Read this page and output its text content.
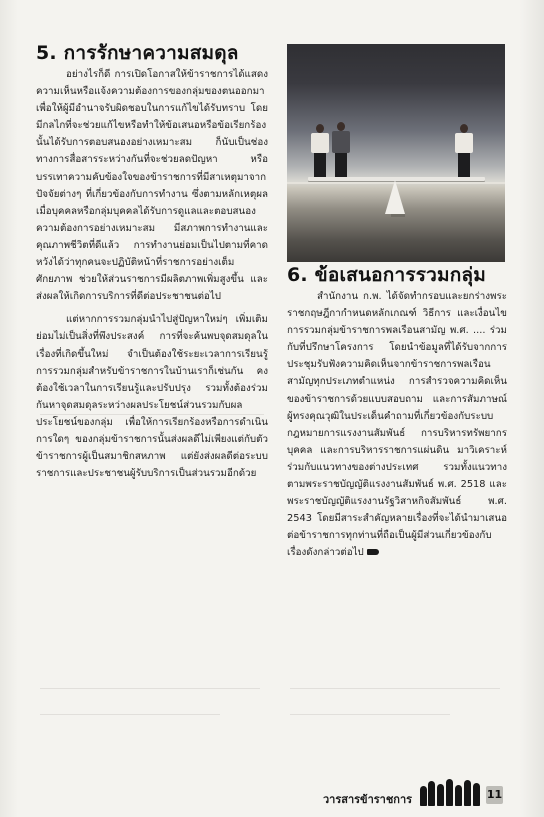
5. การรักษาความสมดุล

อย่างไรก็ดี การเปิดโอกาสให้ข้าราชการได้แสดงความเห็นหรือแจ้งความต้องการของกลุ่มของตนออกมา เพื่อให้ผู้มีอำนาจรับผิดชอบในการแก้ไขได้รับทราบ โดยมีกลไกที่จะช่วยแก้ไขหรือทำให้ข้อเสนอหรือข้อเรียกร้องนั้นได้รับการตอบสนองอย่างเหมาะสม ก็นับเป็นช่องทางการสื่อสารระหว่างกันที่จะช่วยลดปัญหา หรือบรรเทาความคับข้องใจของข้าราชการที่มีสาเหตุมาจากปัจจัยต่างๆ ที่เกี่ยวข้องกับการทำงาน ซึ่งตามหลักเหตุผลเมื่อบุคคลหรือกลุ่มบุคคลได้รับการดูแลและตอบสนองความต้องการอย่างเหมาะสม มีสภาพการทำงานและคุณภาพชีวิตที่ดีแล้ว การทำงานย่อมเป็นไปตามที่คาดหวังได้ว่าทุกคนจะปฏิบัติหน้าที่ราชการอย่างเต็มศักยภาพ ช่วยให้ส่วนราชการมีผลิตภาพเพิ่มสูงขึ้น และส่งผลให้เกิดการบริการที่ดีต่อประชาชนต่อไป

แต่หากการรวมกลุ่มนำไปสู่ปัญหาใหม่ๆ เพิ่มเติม ย่อมไม่เป็นสิ่งที่พึงประสงค์ การที่จะค้นพบจุดสมดุลในเรื่องที่เกิดขึ้นใหม่ จำเป็นต้องใช้ระยะเวลาการเรียนรู้ การรวมกลุ่มสำหรับข้าราชการในบ้านเราก็เช่นกัน คงต้องใช้เวลาในการเรียนรู้และปรับปรุง รวมทั้งต้องร่วมกันหาจุดสมดุลระหว่างผลประโยชน์ส่วนรวมกับผลประโยชน์ของกลุ่ม เพื่อให้การเรียกร้องหรือการดำเนินการใดๆ ของกลุ่มข้าราชการนั้นส่งผลดีไม่เพียงแต่กับตัวข้าราชการผู้เป็นสมาชิกสหภาพ แต่ยังส่งผลดีต่อระบบราชการและประชาชนผู้รับบริการเป็นส่วนรวมอีกด้วย

6. ข้อเสนอการรวมกลุ่ม

สำนักงาน ก.พ. ได้จัดทำกรอบและยกร่างพระราชกฤษฎีกากำหนดหลักเกณฑ์ วิธีการ และเงื่อนไขการรวมกลุ่มข้าราชการพลเรือนสามัญ พ.ศ. .... ร่วมกับที่ปรึกษาโครงการ โดยนำข้อมูลที่ได้รับจากการประชุมรับฟังความคิดเห็นจากข้าราชการพลเรือนสามัญทุกประเภทตำแหน่ง การสำรวจความคิดเห็นของข้าราชการด้วยแบบสอบถาม และการสัมภาษณ์ผู้ทรงคุณวุฒิในประเด็นคำถามที่เกี่ยวข้องกับระบบกฎหมายการแรงงานสัมพันธ์ การบริหารทรัพยากรบุคคล และการบริหารราชการแผ่นดิน มาวิเคราะห์ร่วมกับแนวทางของต่างประเทศ รวมทั้งแนวทางตามพระราชบัญญัติแรงงานสัมพันธ์ พ.ศ. 2518 และพระราชบัญญัติแรงงานรัฐวิสาหกิจสัมพันธ์ พ.ศ. 2543 โดยมีสาระสำคัญหลายเรื่องที่จะได้นำมาเสนอต่อข้าราชการทุกท่านที่ถือเป็นผู้มีส่วนเกี่ยวข้องกับเรื่องดังกล่าวต่อไป

วารสารข้าราชการ	11
